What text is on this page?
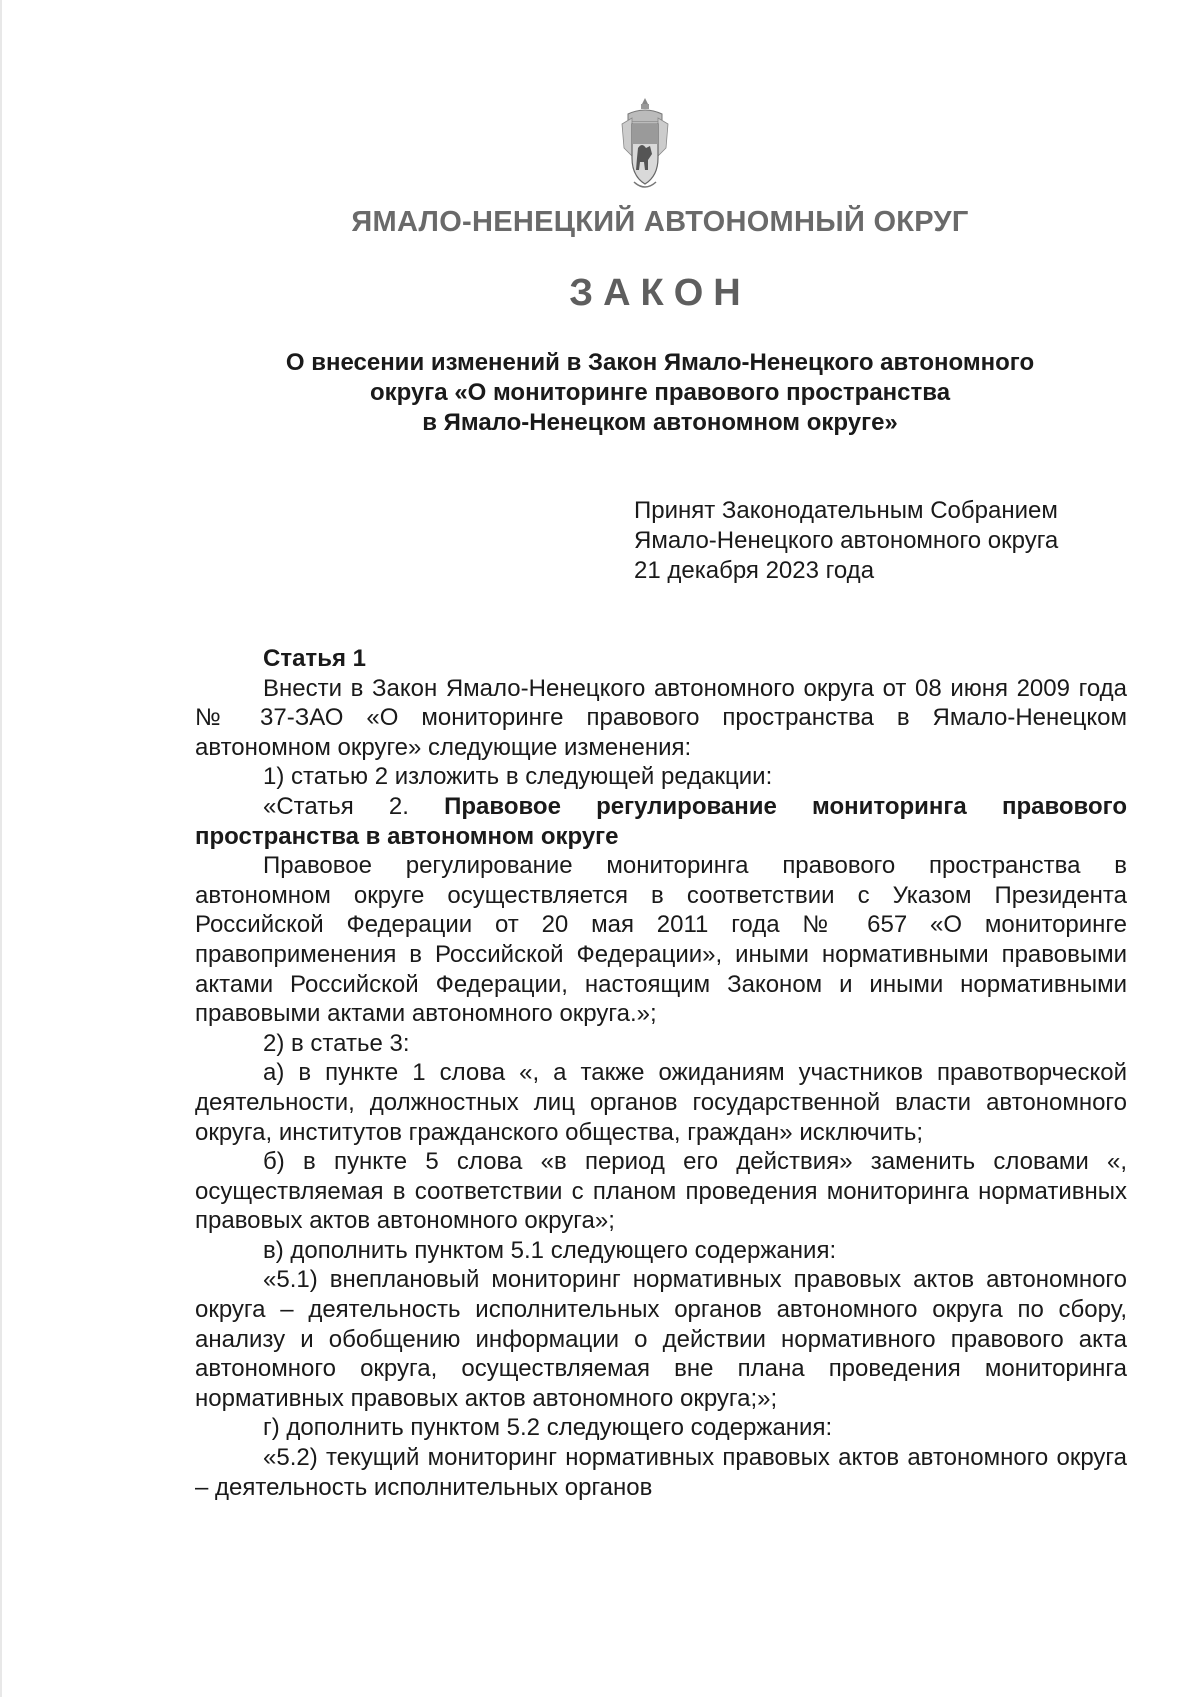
ЯМАЛО-НЕНЕЦКИЙ АВТОНОМНЫЙ ОКРУГ
ЗАКОН
О внесении изменений в Закон Ямало-Ненецкого автономного
округа «О мониторинге правового пространства
в Ямало-Ненецком автономном округе»
Принят Законодательным Собранием
Ямало-Ненецкого автономного округа
21 декабря 2023 года

Статья 1

Внести в Закон Ямало-Ненецкого автономного округа от 08 июня 2009 года № 37-ЗАО «О мониторинге правового пространства в Ямало-Ненецком автономном округе» следующие изменения:

1) статью 2 изложить в следующей редакции:

«Статья 2. Правовое регулирование мониторинга правового пространства в автономном округе

Правовое регулирование мониторинга правового пространства в автономном округе осуществляется в соответствии с Указом Президента Российской Федерации от 20 мая 2011 года № 657 «О мониторинге правоприменения в Российской Федерации», иными нормативными правовыми актами Российской Федерации, настоящим Законом и иными нормативными правовыми актами автономного округа.»;

2) в статье 3:

а) в пункте 1 слова «, а также ожиданиям участников правотворческой деятельности, должностных лиц органов государственной власти автономного округа, институтов гражданского общества, граждан» исключить;

б) в пункте 5 слова «в период его действия» заменить словами «, осуществляемая в соответствии с планом проведения мониторинга нормативных правовых актов автономного округа»;

в) дополнить пунктом 5.1 следующего содержания:

«5.1) внеплановый мониторинг нормативных правовых актов автономного округа – деятельность исполнительных органов автономного округа по сбору, анализу и обобщению информации о действии нормативного правового акта автономного округа, осуществляемая вне плана проведения мониторинга нормативных правовых актов автономного округа;»;

г) дополнить пунктом 5.2 следующего содержания:

«5.2) текущий мониторинг нормативных правовых актов автономного округа – деятельность исполнительных органов
